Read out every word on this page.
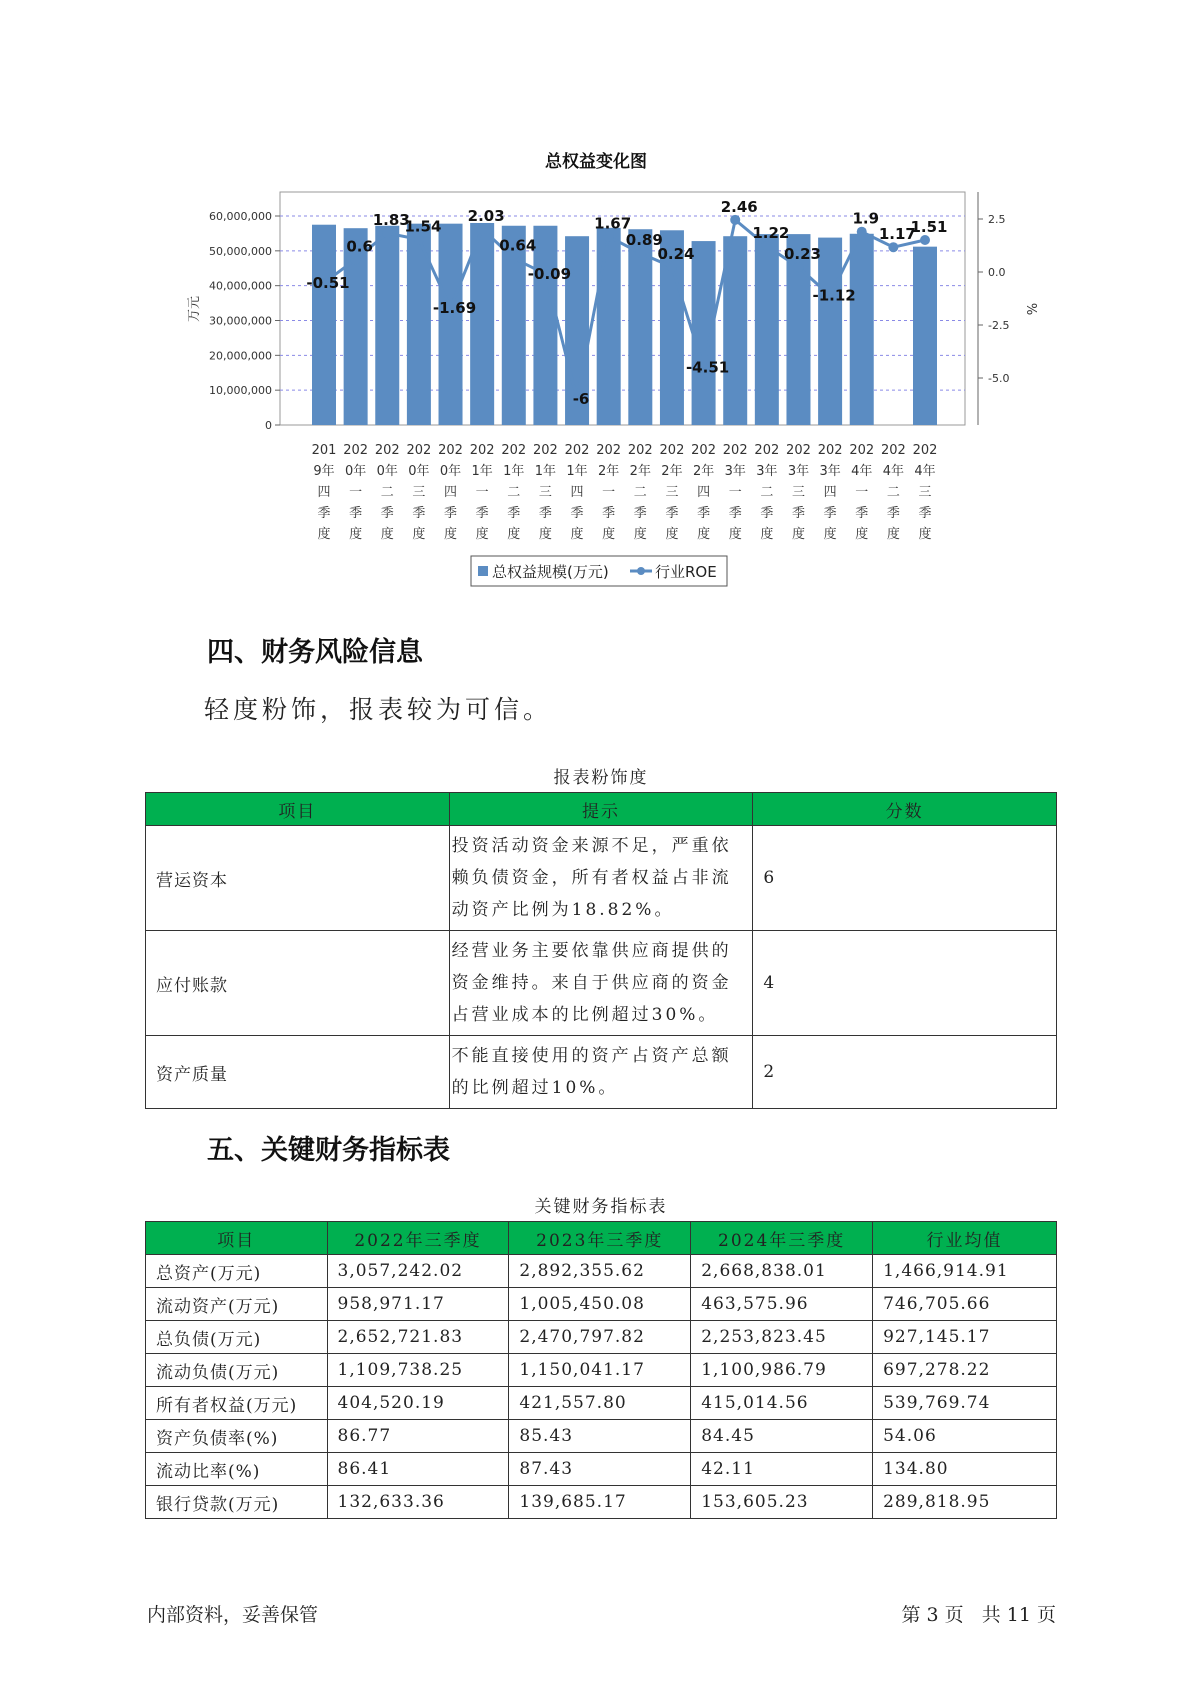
总权益变化图
0
10,000,000
20,000,000
30,000,000
40,000,000
50,000,000
60,000,000	2.5
0.0
-2.5
-5.0
万元	%
-0.51
0.6
1.83
1.54
-1.69
2.03
0.64
-0.09
-6
1.67
0.89
0.24
-4.51
2.46
1.22
0.23
-1.12
1.9
1.17
1.51
201
9年
四
季
度
202
0年
一
季
度
202
0年
二
季
度
202
0年
三
季
度
202
0年
四
季
度
202
1年
一
季
度
202
1年
二
季
度
202
1年
三
季
度
202
1年
四
季
度
202
2年
一
季
度
202
2年
二
季
度
202
2年
三
季
度
202
2年
四
季
度
202
3年
一
季
度
202
3年
二
季
度
202
3年
三
季
度
202
3年
四
季
度
202
4年
一
季
度
202
4年
二
季
度
202
4年
三
季
度
总权益规模(万元)	行业ROE
四、财务风险信息
轻度粉饰，报表较为可信。
报表粉饰度
项目	提示	分数
营运资本	投资活动资金来源不足，严重依赖负债资金，所有者权益占非流动资产比例为18.82%。	6
应付账款	经营业务主要依靠供应商提供的资金维持。来自于供应商的资金占营业成本的比例超过30%。	4
资产质量	不能直接使用的资产占资产总额的比例超过10%。	2
五、关键财务指标表
关键财务指标表
项目	2022年三季度	2023年三季度	2024年三季度	行业均值
总资产(万元)	3,057,242.02	2,892,355.62	2,668,838.01	1,466,914.91
流动资产(万元)	958,971.17	1,005,450.08	463,575.96	746,705.66
总负债(万元)	2,652,721.83	2,470,797.82	2,253,823.45	927,145.17
流动负债(万元)	1,109,738.25	1,150,041.17	1,100,986.79	697,278.22
所有者权益(万元)	404,520.19	421,557.80	415,014.56	539,769.74
资产负债率(%)	86.77	85.43	84.45	54.06
流动比率(%)	86.41	87.43	42.11	134.80
银行贷款(万元)	132,633.36	139,685.17	153,605.23	289,818.95
内部资料，妥善保管	第 3 页   共 11 页
